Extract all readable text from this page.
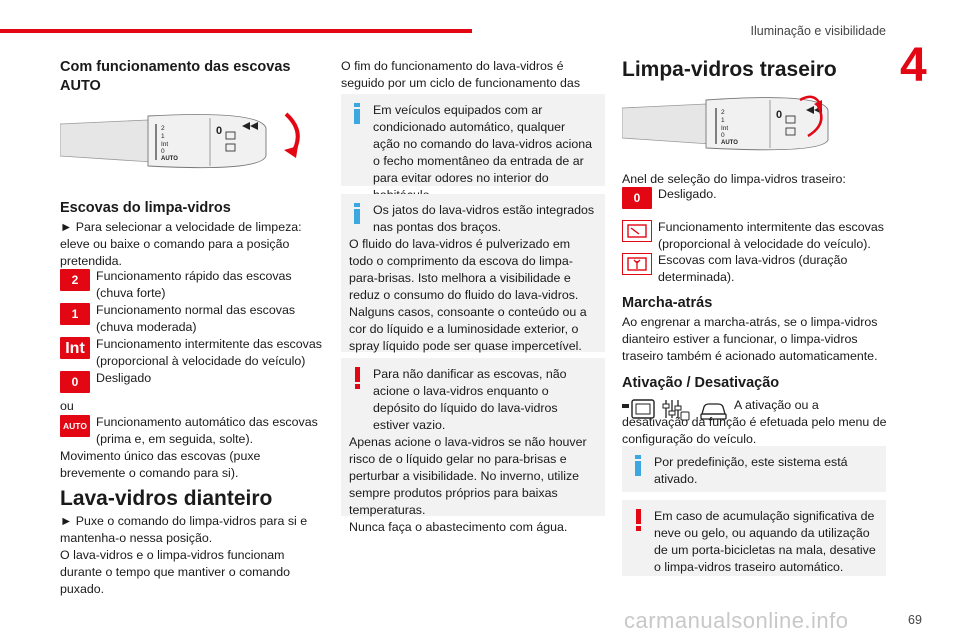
Iluminação e visibilidade
4
Com funcionamento das escovas AUTO
2
1
Int
0
AUTO
0
Escovas do limpa-vidros
► Para selecionar a velocidade de limpeza: eleve ou baixe o comando para a posição pretendida.
2	Funcionamento rápido das escovas (chuva forte)
1	Funcionamento normal das escovas (chuva moderada)
Int Funcionamento intermitente das escovas (proporcional à velocidade do veículo)
0	Desligado
ou
AUTO Funcionamento automático das escovas (prima e, em seguida, solte).
Movimento único das escovas (puxe brevemente o comando para si).
Lava-vidros dianteiro
► Puxe o comando do limpa-vidros para si e mantenha-o nessa posição.
O lava-vidros e o limpa-vidros funcionam durante o tempo que mantiver o comando puxado.
O fim do funcionamento do lava-vidros é seguido por um ciclo de funcionamento das
Em veículos equipados com ar condicionado automático, qualquer ação no comando do lava-vidros aciona o fecho momentâneo da entrada de ar para evitar odores no interior do
Os jatos do lava-vidros estão integrados nas pontas dos braços.
O fluido do lava-vidros é pulverizado em todo o comprimento da escova do limpa-para-brisas. Isto melhora a visibilidade e reduz o consumo do fluido do lava-vidros.
Nalguns casos, consoante o conteúdo ou a cor do líquido e a luminosidade exterior, o spray líquido pode ser quase impercetível.
Para não danificar as escovas, não acione o lava-vidros enquanto o depósito do líquido do lava-vidros estiver vazio.
Apenas acione o lava-vidros se não houver risco de o líquido gelar no para-brisas e perturbar a visibilidade. No inverno, utilize sempre produtos próprios para baixas temperaturas.
Nunca faça o abastecimento com água.
Limpa-vidros traseiro
2
1
Int
0
AUTO
0
Anel de seleção do limpa-vidros traseiro:
0	Desligado.
Funcionamento intermitente das escovas (proporcional à velocidade do veículo).
Escovas com lava-vidros (duração determinada).
Marcha-atrás
Ao engrenar a marcha-atrás, se o limpa-vidros dianteiro estiver a funcionar, o limpa-vidros traseiro também é acionado automaticamente.
Ativação / Desativação
A ativação ou a desativação da função é efetuada pelo menu de configuração do veículo.
Por predefinição, este sistema está ativado.
Em caso de acumulação significativa de neve ou gelo, ou aquando da utilização de um porta-bicicletas na mala, desative o limpa-vidros traseiro automático.
69
carmanualsonline.info
